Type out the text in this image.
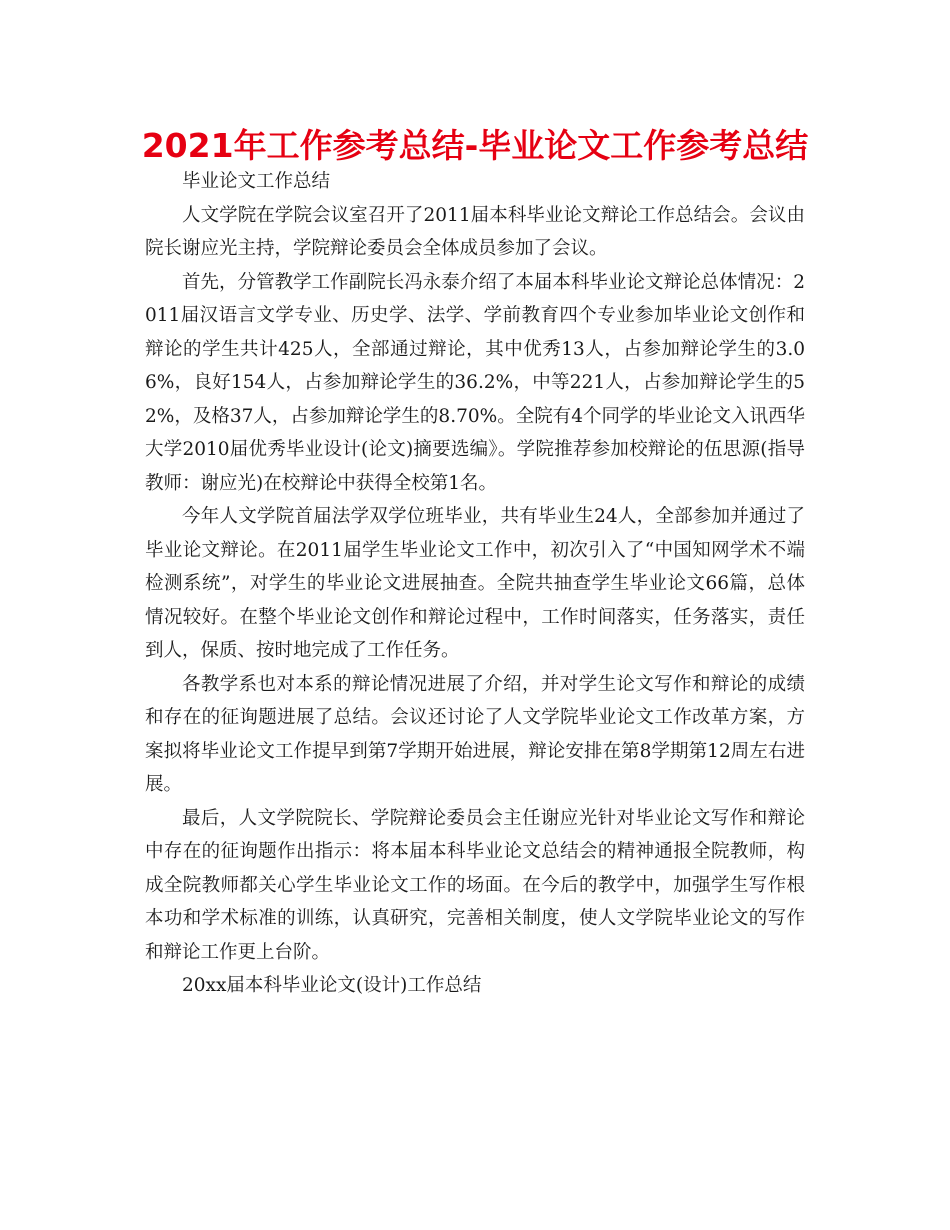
2021年工作参考总结-毕业论文工作参考总结

毕业论文工作总结

人文学院在学院会议室召开了2011届本科毕业论文辩论工作总结会。会议由院长谢应光主持，学院辩论委员会全体成员参加了会议。

首先，分管教学工作副院长冯永泰介绍了本届本科毕业论文辩论总体情况：2011届汉语言文学专业、历史学、法学、学前教育四个专业参加毕业论文创作和辩论的学生共计425人，全部通过辩论，其中优秀13人，占参加辩论学生的3.06%，良好154人，占参加辩论学生的36.2%，中等221人，占参加辩论学生的52%，及格37人，占参加辩论学生的8.70%。全院有4个同学的毕业论文入讯西华大学2010届优秀毕业设计(论文)摘要选编》。学院推荐参加校辩论的伍思源(指导教师：谢应光)在校辩论中获得全校第1名。

今年人文学院首届法学双学位班毕业，共有毕业生24人，全部参加并通过了毕业论文辩论。在2011届学生毕业论文工作中，初次引入了“中国知网学术不端检测系统”，对学生的毕业论文进展抽查。全院共抽查学生毕业论文66篇，总体情况较好。在整个毕业论文创作和辩论过程中，工作时间落实，任务落实，责任到人，保质、按时地完成了工作任务。

各教学系也对本系的辩论情况进展了介绍，并对学生论文写作和辩论的成绩和存在的征询题进展了总结。会议还讨论了人文学院毕业论文工作改革方案，方案拟将毕业论文工作提早到第7学期开始进展，辩论安排在第8学期第12周左右进展。

最后，人文学院院长、学院辩论委员会主任谢应光针对毕业论文写作和辩论中存在的征询题作出指示：将本届本科毕业论文总结会的精神通报全院教师，构成全院教师都关心学生毕业论文工作的场面。在今后的教学中，加强学生写作根本功和学术标准的训练，认真研究，完善相关制度，使人文学院毕业论文的写作和辩论工作更上台阶。

20xx届本科毕业论文(设计)工作总结
